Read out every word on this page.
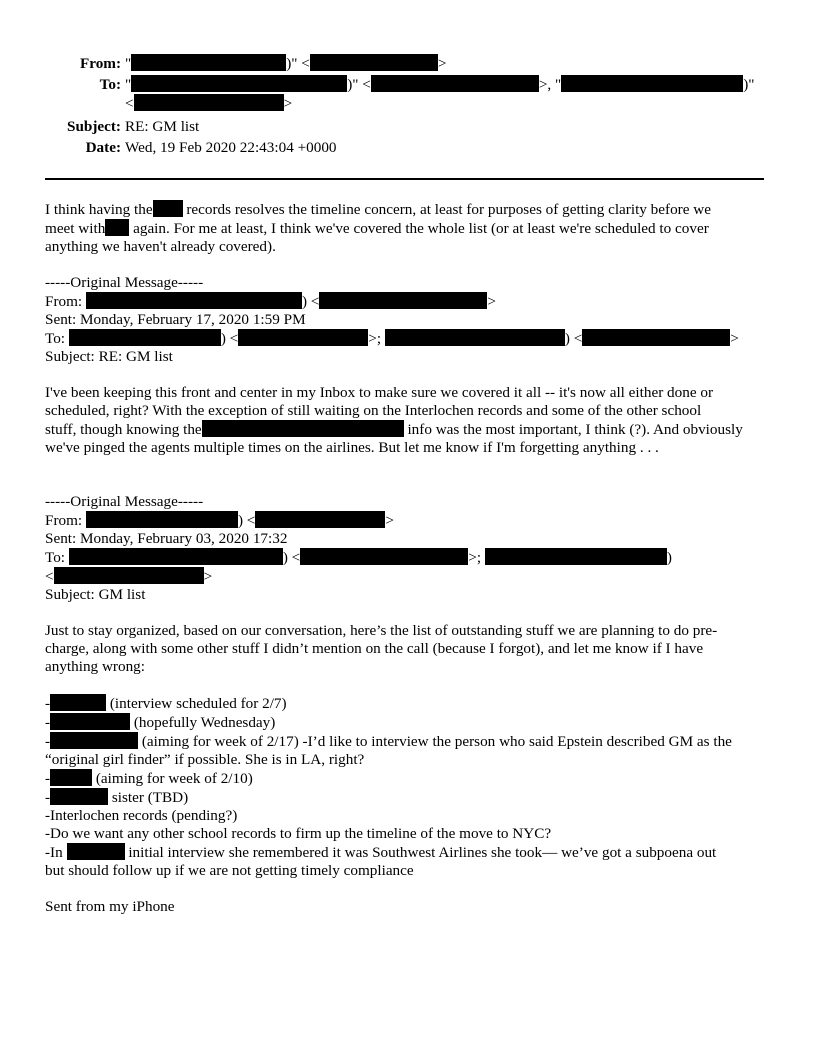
From: "	)" <	>
To: "	)" <	>, "	)"
<	>
Subject: RE: GM list
Date: Wed, 19 Feb 2020 22:43:04 +0000

I think having the records resolves the timeline concern, at least for purposes of getting clarity before we

meet with again. For me at least, I think we've covered the whole list (or at least we're scheduled to cover

anything we haven't already covered).

-----Original Message-----

From:	) <	>

Sent: Monday, February 17, 2020 1:59 PM

To:	) <	>;	) <	>

Subject: RE: GM list

I've been keeping this front and center in my Inbox to make sure we covered it all -- it's now all either done or

scheduled, right? With the exception of still waiting on the Interlochen records and some of the other school

stuff, though knowing the	info was the most important, I think (?). And obviously

we've pinged the agents multiple times on the airlines. But let me know if I'm forgetting anything . . .

-----Original Message-----

From:	) <	>

Sent: Monday, February 03, 2020 17:32

To:	) <	>;	)

<	>

Subject: GM list

Just to stay organized, based on our conversation, here’s the list of outstanding stuff we are planning to do pre-

charge, along with some other stuff I didn’t mention on the call (because I forgot), and let me know if I have

anything wrong:

-	(interview scheduled for 2/7)

-	(hopefully Wednesday)

-	(aiming for week of 2/17) -I’d like to interview the person who said Epstein described GM as the

“original girl finder” if possible. She is in LA, right?

-	(aiming for week of 2/10)

-	sister (TBD)

-Interlochen records (pending?)

-Do we want any other school records to firm up the timeline of the move to NYC?

-In	initial interview she remembered it was Southwest Airlines she took— we’ve got a subpoena out

but should follow up if we are not getting timely compliance

Sent from my iPhone
